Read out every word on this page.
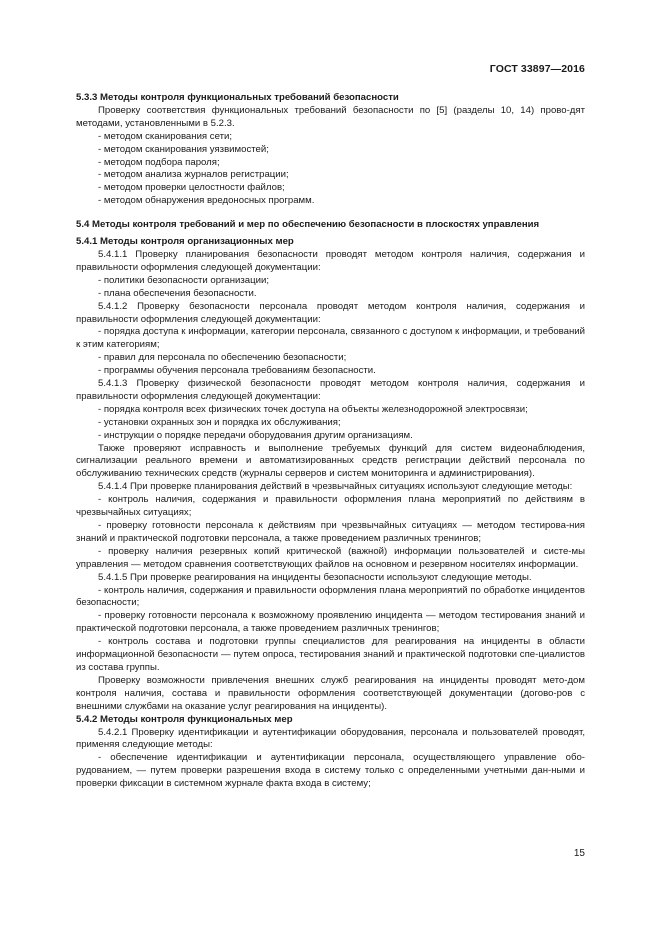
ГОСТ 33897—2016

5.3.3 Методы контроля функциональных требований безопасности

Проверку соответствия функциональных требований безопасности по [5] (разделы 10, 14) прово-дят методами, установленными в 5.2.3.

- методом сканирования сети;

- методом сканирования уязвимостей;

- методом подбора пароля;

- методом анализа журналов регистрации;

- методом проверки целостности файлов;

- методом обнаружения вредоносных программ.

5.4 Методы контроля требований и мер по обеспечению безопасности в плоскостях управления

5.4.1 Методы контроля организационных мер

5.4.1.1 Проверку планирования безопасности проводят методом контроля наличия, содержания и правильности оформления следующей документации:

- политики безопасности организации;

- плана обеспечения безопасности.

5.4.1.2 Проверку безопасности персонала проводят методом контроля наличия, содержания и правильности оформления следующей документации:

- порядка доступа к информации, категории персонала, связанного с доступом к информации, и требований к этим категориям;

- правил для персонала по обеспечению безопасности;

- программы обучения персонала требованиям безопасности.

5.4.1.3 Проверку физической безопасности проводят методом контроля наличия, содержания и правильности оформления следующей документации:

- порядка контроля всех физических точек доступа на объекты железнодорожной электросвязи;

- установки охранных зон и порядка их обслуживания;

- инструкции о порядке передачи оборудования другим организациям.

Также проверяют исправность и выполнение требуемых функций для систем видеонаблюдения, сигнализации реального времени и автоматизированных средств регистрации действий персонала по обслуживанию технических средств (журналы серверов и систем мониторинга и администрирования).

5.4.1.4 При проверке планирования действий в чрезвычайных ситуациях используют следующие методы:

- контроль наличия, содержания и правильности оформления плана мероприятий по действиям в чрезвычайных ситуациях;

- проверку готовности персонала к действиям при чрезвычайных ситуациях — методом тестирова-ния знаний и практической подготовки персонала, а также проведением различных тренингов;

- проверку наличия резервных копий критической (важной) информации пользователей и систе-мы управления — методом сравнения соответствующих файлов на основном и резервном носителях информации.

5.4.1.5 При проверке реагирования на инциденты безопасности используют следующие методы.

- контроль наличия, содержания и правильности оформления плана мероприятий по обработке инцидентов безопасности;

- проверку готовности персонала к возможному проявлению инцидента — методом тестирования знаний и практической подготовки персонала, а также проведением различных тренингов;

- контроль состава и подготовки группы специалистов для реагирования на инциденты в области информационной безопасности — путем опроса, тестирования знаний и практической подготовки спе-циалистов из состава группы.

Проверку возможности привлечения внешних служб реагирования на инциденты проводят мето-дом контроля наличия, состава и правильности оформления соответствующей документации (догово-ров с внешними службами на оказание услуг реагирования на инциденты).

5.4.2 Методы контроля функциональных мер

5.4.2.1 Проверку идентификации и аутентификации оборудования, персонала и пользователей проводят, применяя следующие методы:

- обеспечение идентификации и аутентификации персонала, осуществляющего управление обо-рудованием, — путем проверки разрешения входа в систему только с определенными учетными дан-ными и проверки фиксации в системном журнале факта входа в систему;

15
